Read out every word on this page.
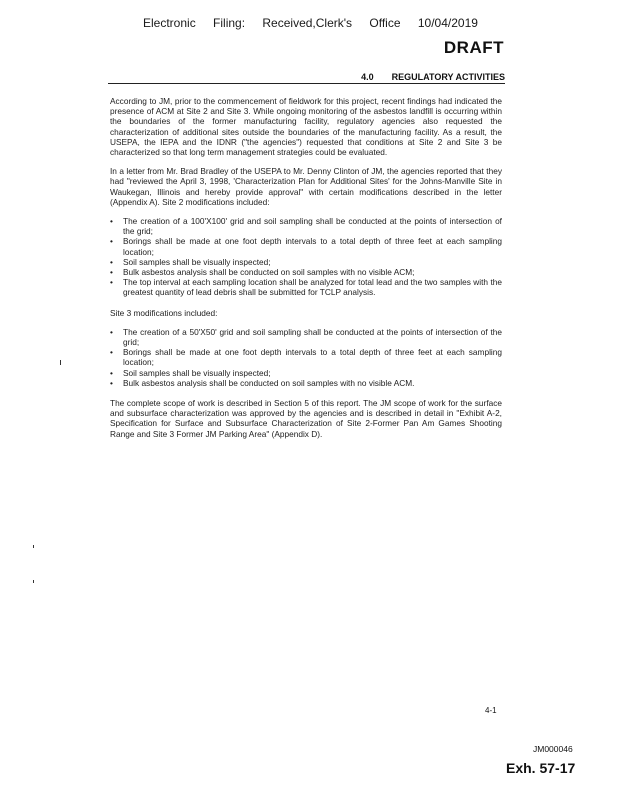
Electronic Filing: Received,Clerk's Office 10/04/2019
DRAFT
4.0 REGULATORY ACTIVITIES

According to JM, prior to the commencement of fieldwork for this project, recent findings had indicated the presence of ACM at Site 2 and Site 3. While ongoing monitoring of the asbestos landfill is occurring within the boundaries of the former manufacturing facility, regulatory agencies also requested the characterization of additional sites outside the boundaries of the manufacturing facility. As a result, the USEPA, the IEPA and the IDNR ("the agencies") requested that conditions at Site 2 and Site 3 be characterized so that long term management strategies could be evaluated.

In a letter from Mr. Brad Bradley of the USEPA to Mr. Denny Clinton of JM, the agencies reported that they had "reviewed the April 3, 1998, 'Characterization Plan for Additional Sites' for the Johns-Manville Site in Waukegan, Illinois and hereby provide approval" with certain modifications described in the letter (Appendix A). Site 2 modifications included:

• The creation of a 100'X100' grid and soil sampling shall be conducted at the points of intersection of the grid;
• Borings shall be made at one foot depth intervals to a total depth of three feet at each sampling location;
• Soil samples shall be visually inspected;
• Bulk asbestos analysis shall be conducted on soil samples with no visible ACM;
• The top interval at each sampling location shall be analyzed for total lead and the two samples with the greatest quantity of lead debris shall be submitted for TCLP analysis.

Site 3 modifications included:

• The creation of a 50'X50' grid and soil sampling shall be conducted at the points of intersection of the grid;
• Borings shall be made at one foot depth intervals to a total depth of three feet at each sampling location;
• Soil samples shall be visually inspected;
• Bulk asbestos analysis shall be conducted on soil samples with no visible ACM.

The complete scope of work is described in Section 5 of this report. The JM scope of work for the surface and subsurface characterization was approved by the agencies and is described in detail in "Exhibit A-2, Specification for Surface and Subsurface Characterization of Site 2-Former Pan Am Games Shooting Range and Site 3 Former JM Parking Area" (Appendix D).

4-1
JM000046
Exh. 57-17
